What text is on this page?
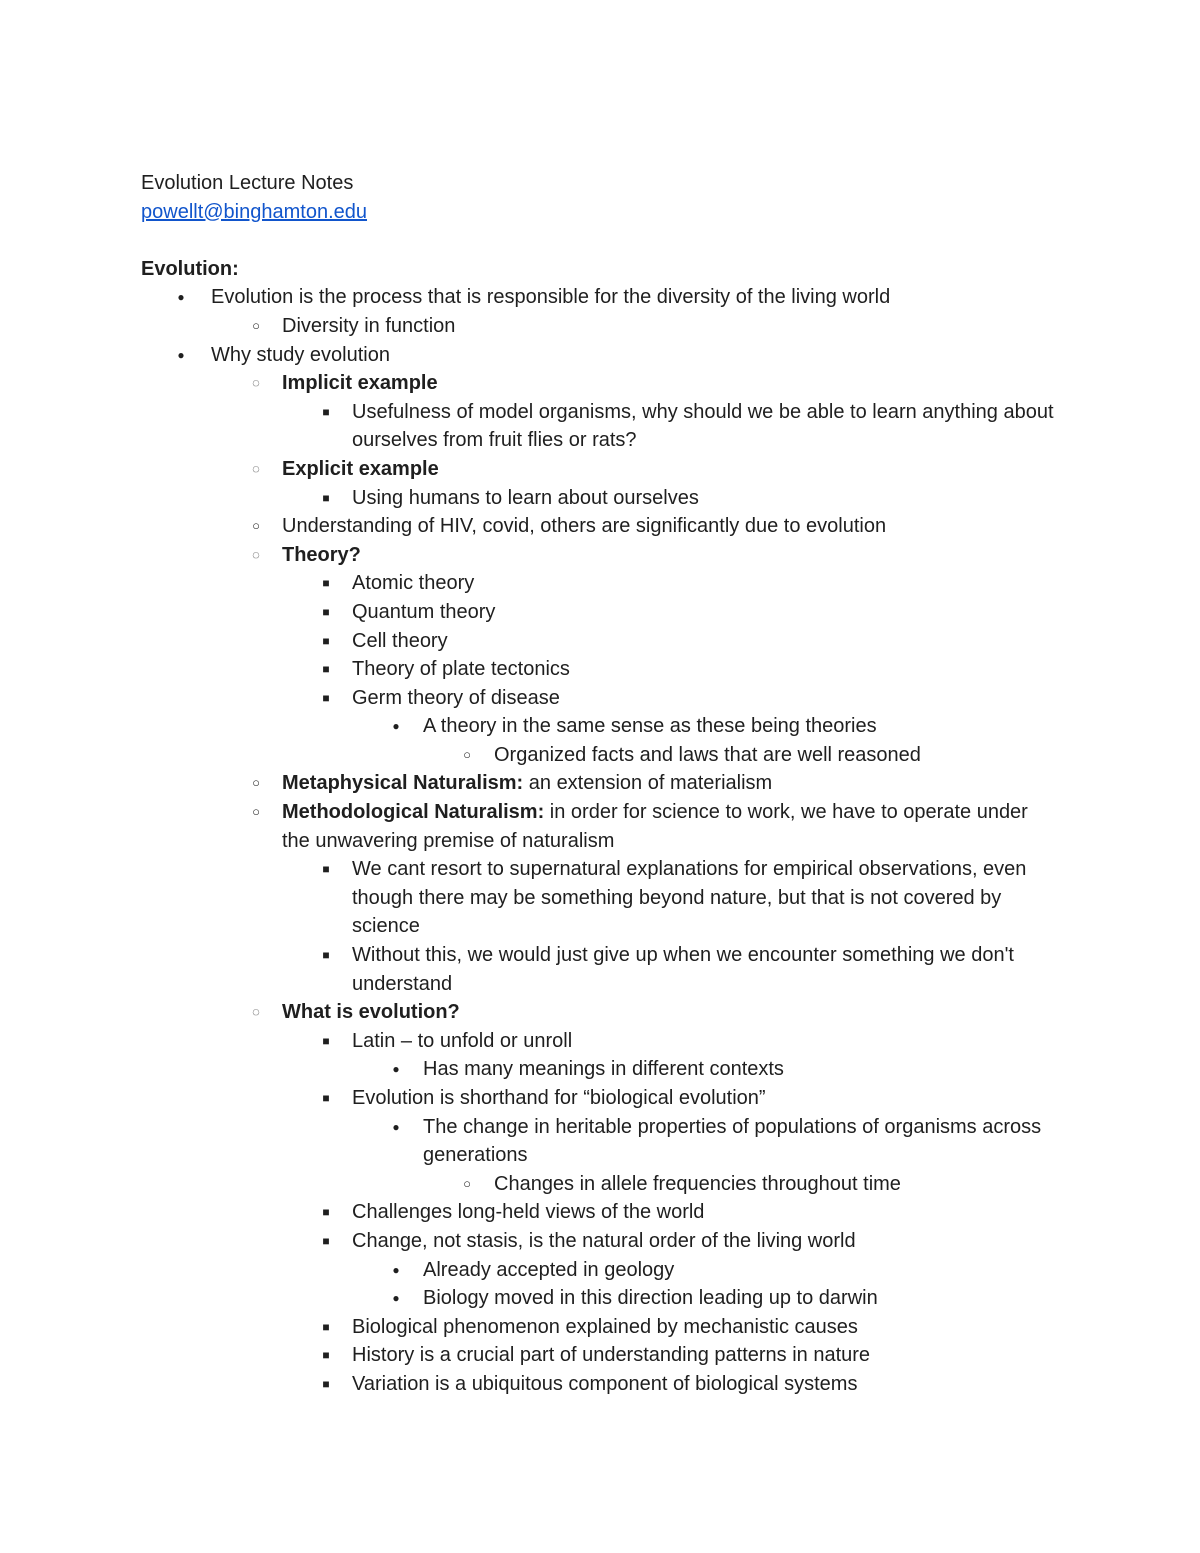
Evolution Lecture Notes
powellt@binghamton.edu
Evolution:
●	Evolution is the process that is responsible for the diversity of the living world
○	Diversity in function
●	Why study evolution
◌	Implicit example
■	Usefulness of model organisms, why should we be able to learn anything about ourselves from fruit flies or rats?
◌	Explicit example
■	Using humans to learn about ourselves
○	Understanding of HIV, covid, others are significantly due to evolution
◌	Theory?
■	Atomic theory
■	Quantum theory
■	Cell theory
■	Theory of plate tectonics
■	Germ theory of disease
●	A theory in the same sense as these being theories
○	Organized facts and laws that are well reasoned
○	Metaphysical Naturalism: an extension of materialism
○	Methodological Naturalism: in order for science to work, we have to operate under the unwavering premise of naturalism
■	We cant resort to supernatural explanations for empirical observations, even though there may be something beyond nature, but that is not covered by science
■	Without this, we would just give up when we encounter something we don't understand
◌	What is evolution?
■	Latin – to unfold or unroll
●	Has many meanings in different contexts
■	Evolution is shorthand for “biological evolution”
●	The change in heritable properties of populations of organisms across generations
○	Changes in allele frequencies throughout time
■	Challenges long-held views of the world
■	Change, not stasis, is the natural order of the living world
●	Already accepted in geology
●	Biology moved in this direction leading up to darwin
■	Biological phenomenon explained by mechanistic causes
■	History is a crucial part of understanding patterns in nature
■	Variation is a ubiquitous component of biological systems
